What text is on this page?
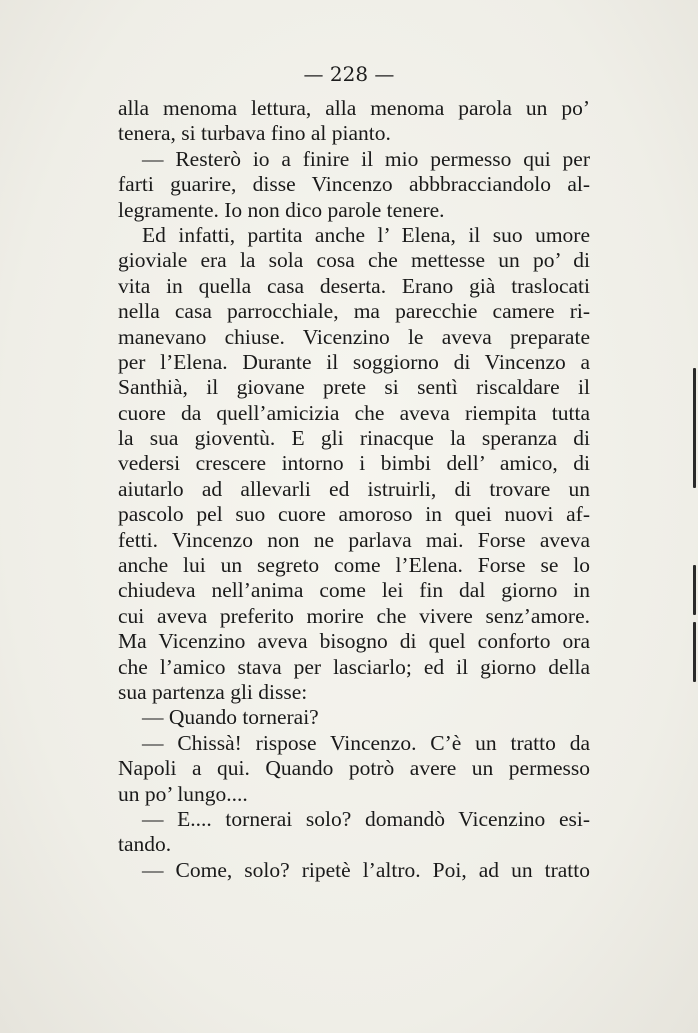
— 228 —
alla menoma lettura, alla menoma parola un po’
tenera, si turbava fino al pianto.
— Resterò io a finire il mio permesso qui per
farti guarire, disse Vincenzo abbbracciandolo al-
legramente. Io non dico parole tenere.
Ed infatti, partita anche l’ Elena, il suo umore
gioviale era la sola cosa che mettesse un po’ di
vita in quella casa deserta. Erano già traslocati
nella casa parrocchiale, ma parecchie camere ri-
manevano chiuse. Vicenzino le aveva preparate
per l’Elena. Durante il soggiorno di Vincenzo a
Santhià, il giovane prete si sentì riscaldare il
cuore da quell’amicizia che aveva riempita tutta
la sua gioventù. E gli rinacque la speranza di
vedersi crescere intorno i bimbi dell’ amico, di
aiutarlo ad allevarli ed istruirli, di trovare un
pascolo pel suo cuore amoroso in quei nuovi af-
fetti. Vincenzo non ne parlava mai. Forse aveva
anche lui un segreto come l’Elena. Forse se lo
chiudeva nell’anima come lei fin dal giorno in
cui aveva preferito morire che vivere senz’amore.
Ma Vicenzino aveva bisogno di quel conforto ora
che l’amico stava per lasciarlo; ed il giorno della
sua partenza gli disse:
— Quando tornerai?
— Chissà! rispose Vincenzo. C’è un tratto da
Napoli a qui. Quando potrò avere un permesso
un po’ lungo....
— E.... tornerai solo? domandò Vicenzino esi-
tando.
— Come, solo? ripetè l’altro. Poi, ad un tratto
